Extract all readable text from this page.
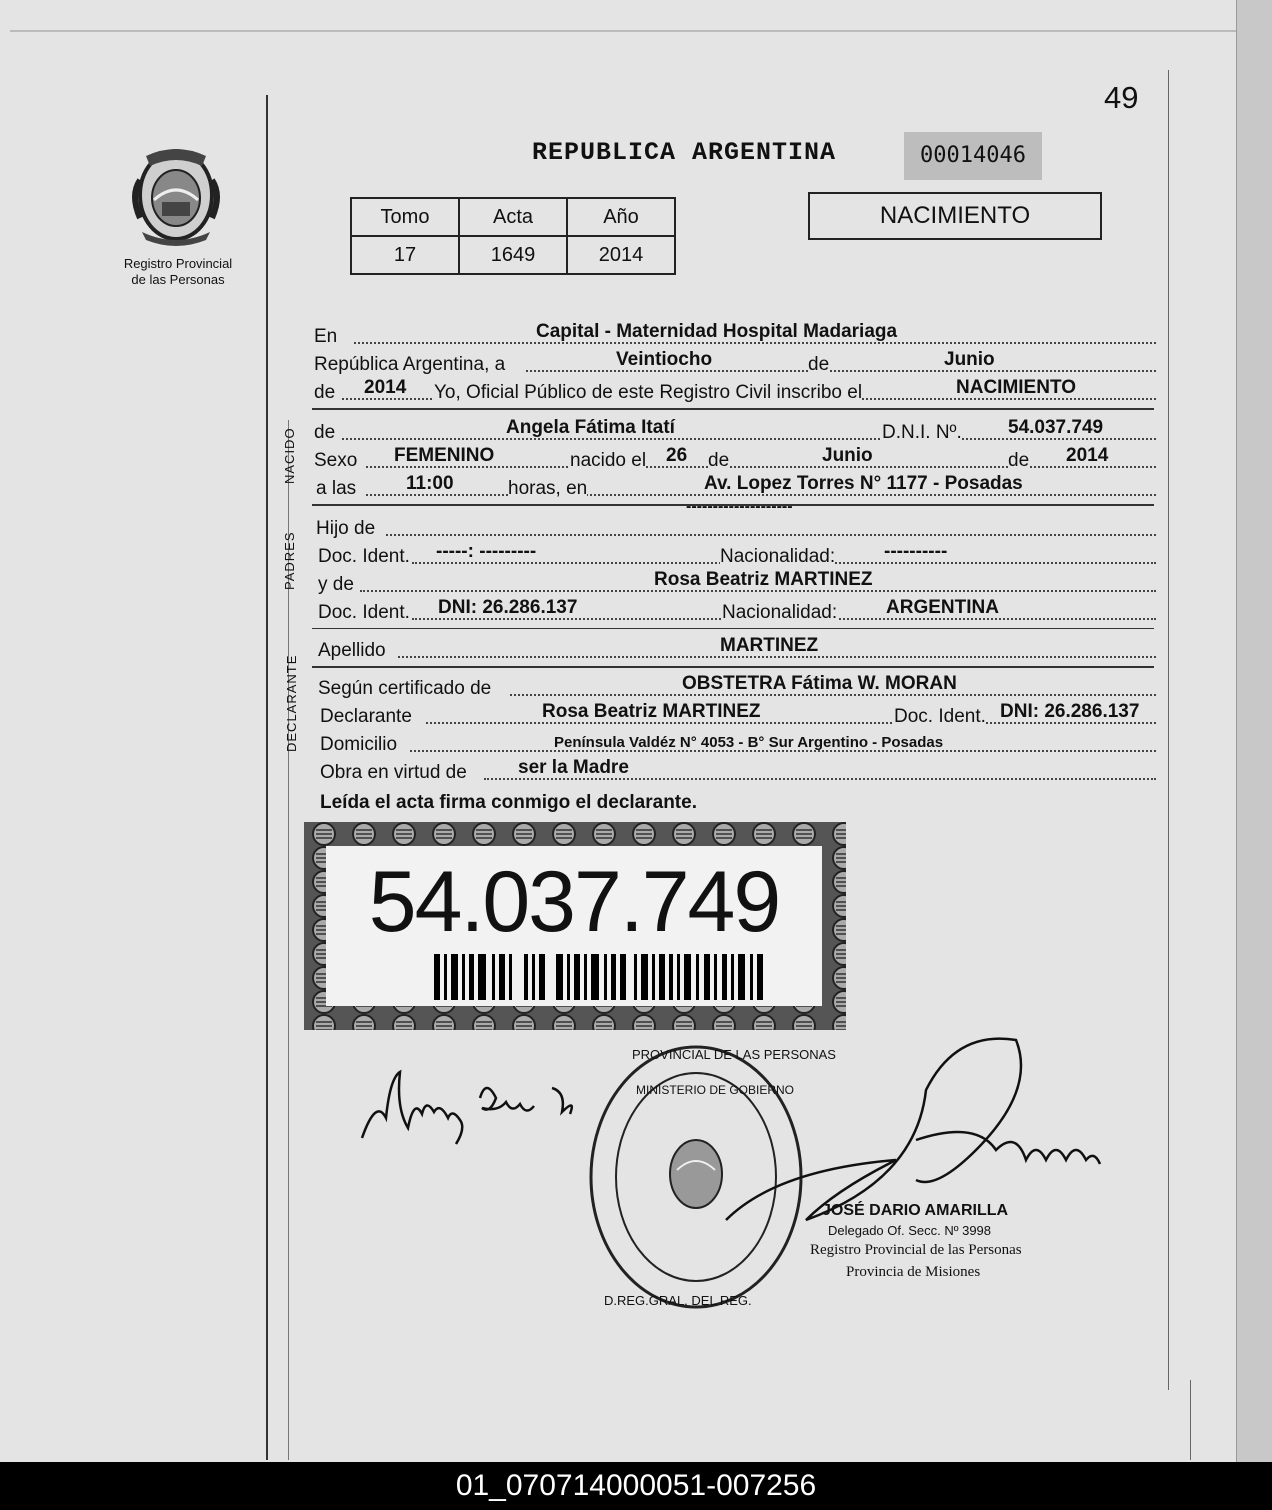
Registro Provincial
de las Personas
49
REPUBLICA ARGENTINA	00014046
Tomo	Acta	Año
17	1649	2014
NACIMIENTO
En	Capital - Maternidad Hospital Madariaga
República Argentina, a	Veintiocho	de	Junio
de 2014 Yo, Oficial Público de este Registro Civil inscribo el	NACIMIENTO
NACIDO de	Angela Fátima Itatí	D.N.I. Nº. 54.037.749
Sexo FEMENINO	nacido el 26 de	Junio	de 2014
a las	11:00	horas, en	Av. Lopez Torres N° 1177 - Posadas
PADRES
Hijo de
--------------------
Doc. Ident. -----: ---------	Nacionalidad:	----------
y de	Rosa Beatriz MARTINEZ
Doc. Ident. DNI: 26.286.137	Nacionalidad:	ARGENTINA
Apellido	MARTINEZ
DECLARANTE Según certificado de	OBSTETRA Fátima W. MORAN
Declarante	Rosa Beatriz MARTINEZ	Doc. Ident. DNI: 26.286.137
Domicilio	Península Valdéz N° 4053 - B° Sur Argentino - Posadas
Obra en virtud de	ser la Madre
Leída el acta firma conmigo el declarante.
54.037.749
D.REG.GRAL. DEL REG.
PROVINCIAL DE LAS PERSONAS
MINISTERIO DE GOBIERNO
JOSÉ DARIO AMARILLA
Delegado Of. Secc. Nº 3998
Registro Provincial de las Personas
Provincia de Misiones
01_070714000051-007256
